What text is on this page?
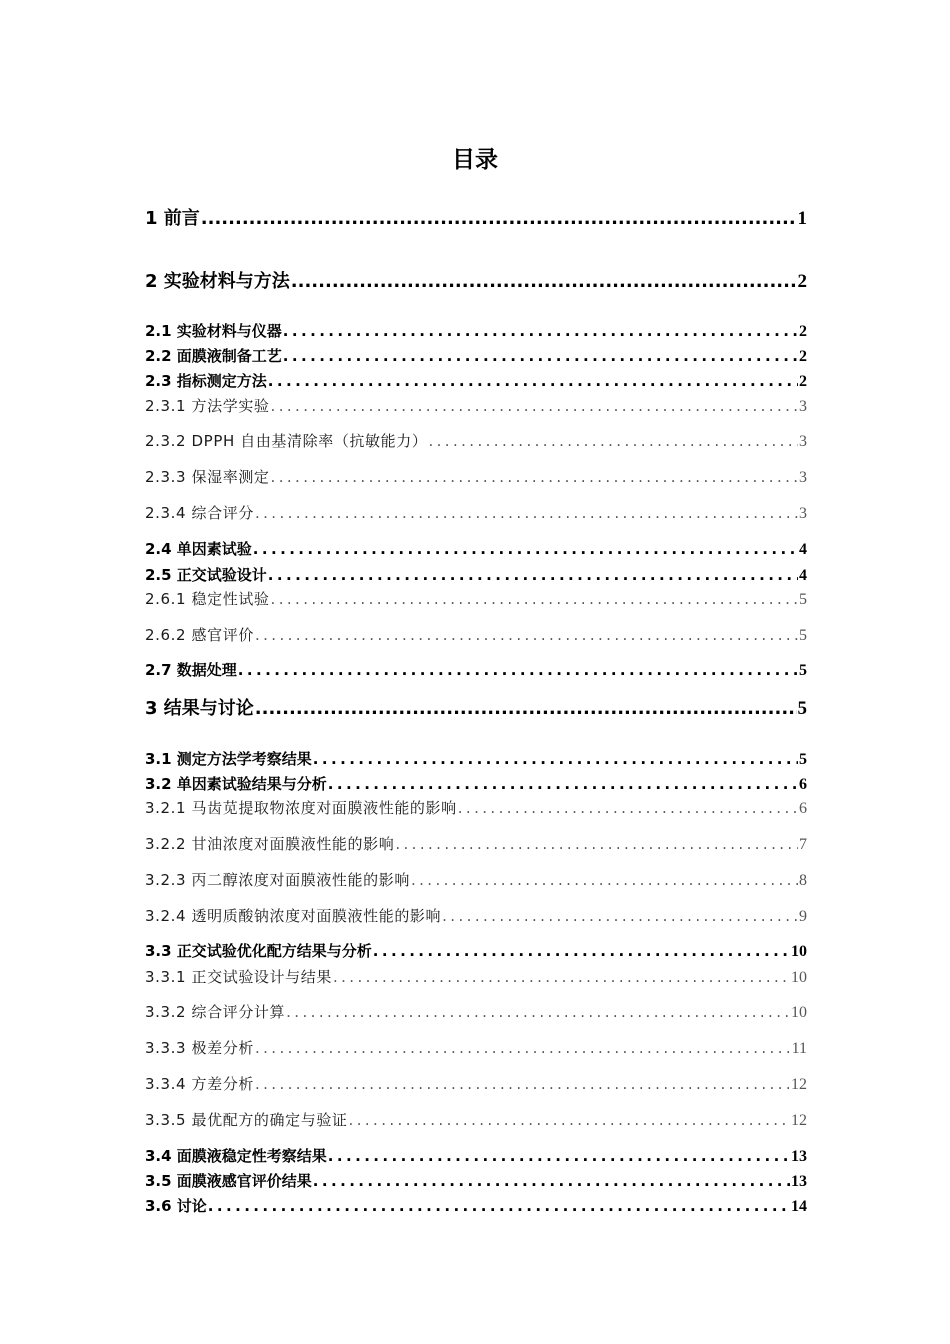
目录
1 前言 .....	1
2 实验材料与方法 .....	2
2.1 实验材料与仪器 .....	2
2.2 面膜液制备工艺 .....	2
2.3 指标测定方法 .....	2
2.3.1 方法学实验 .....	3
2.3.2 DPPH 自由基清除率（抗敏能力） .....	3
2.3.3 保湿率测定 .....	3
2.3.4 综合评分 .....	3
2.4 单因素试验 .....	4
2.5 正交试验设计 .....	4
2.6.1 稳定性试验 .....	5
2.6.2 感官评价 .....	5
2.7 数据处理 .....	5
3 结果与讨论 .....	5
3.1 测定方法学考察结果 .....	5
3.2 单因素试验结果与分析 .....	6
3.2.1 马齿苋提取物浓度对面膜液性能的影响 .....	6
3.2.2 甘油浓度对面膜液性能的影响 .....	7
3.2.3 丙二醇浓度对面膜液性能的影响 .....	8
3.2.4 透明质酸钠浓度对面膜液性能的影响 .....	9
3.3 正交试验优化配方结果与分析 .....	10
3.3.1 正交试验设计与结果 .....	10
3.3.2 综合评分计算 .....	10
3.3.3 极差分析 .....	11
3.3.4 方差分析 .....	12
3.3.5 最优配方的确定与验证 .....	12
3.4 面膜液稳定性考察结果 .....	13
3.5 面膜液感官评价结果 .....	13
3.6 讨论 .....	14
